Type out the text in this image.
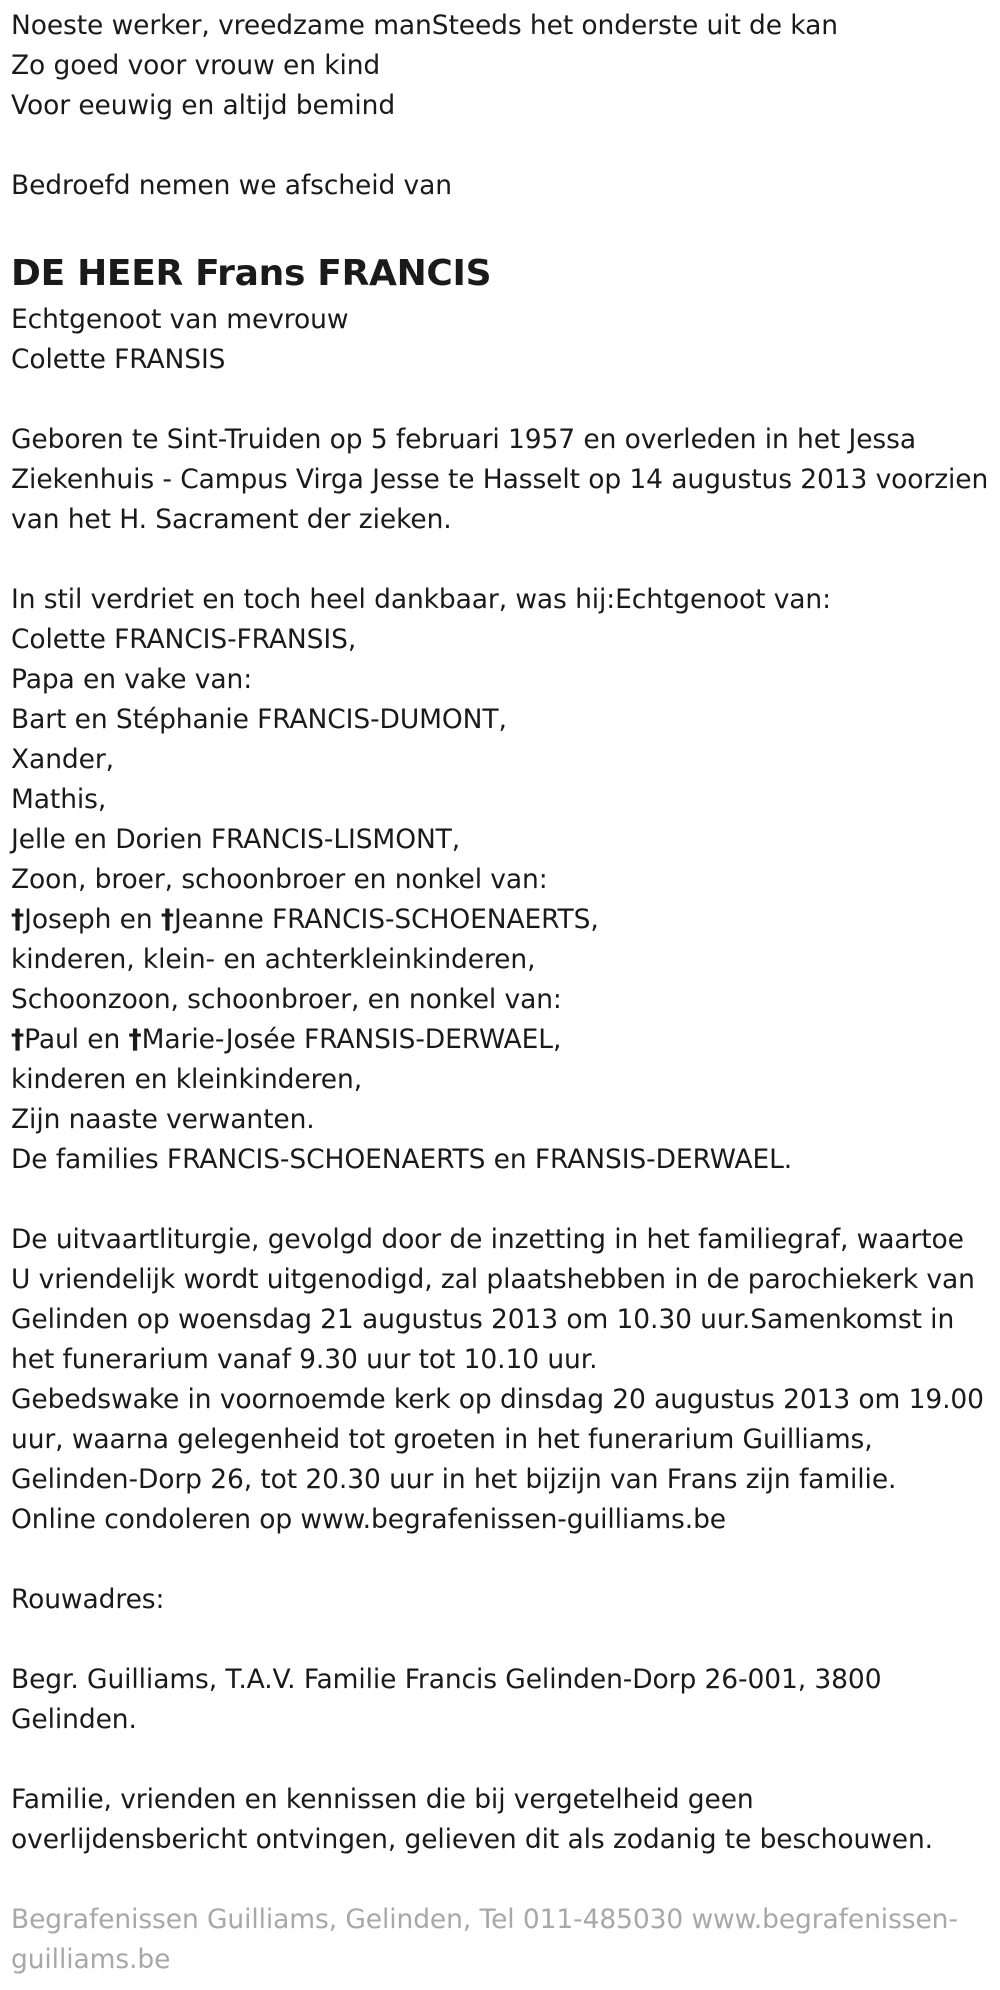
Noeste werker, vreedzame manSteeds het onderste uit de kan
Zo goed voor vrouw en kind
Voor eeuwig en altijd bemind
Bedroefd nemen we afscheid van
DE HEER Frans FRANCIS
Echtgenoot van mevrouw
Colette FRANSIS
Geboren te Sint-Truiden op 5 februari 1957 en overleden in het Jessa
Ziekenhuis - Campus Virga Jesse te Hasselt op 14 augustus 2013 voorzien
van het H. Sacrament der zieken.
In stil verdriet en toch heel dankbaar, was hij:Echtgenoot van:
Colette FRANCIS-FRANSIS,
Papa en vake van:
Bart en Stéphanie FRANCIS-DUMONT,
Xander,
Mathis,
Jelle en Dorien FRANCIS-LISMONT,
Zoon, broer, schoonbroer en nonkel van:
†Joseph en †Jeanne FRANCIS-SCHOENAERTS,
kinderen, klein- en achterkleinkinderen,
Schoonzoon, schoonbroer, en nonkel van:
†Paul en †Marie-Josée FRANSIS-DERWAEL,
kinderen en kleinkinderen,
Zijn naaste verwanten.
De families FRANCIS-SCHOENAERTS en FRANSIS-DERWAEL.
De uitvaartliturgie, gevolgd door de inzetting in het familiegraf, waartoe
U vriendelijk wordt uitgenodigd, zal plaatshebben in de parochiekerk van
Gelinden op woensdag 21 augustus 2013 om 10.30 uur.Samenkomst in
het funerarium vanaf 9.30 uur tot 10.10 uur.
Gebedswake in voornoemde kerk op dinsdag 20 augustus 2013 om 19.00
uur, waarna gelegenheid tot groeten in het funerarium Guilliams,
Gelinden-Dorp 26, tot 20.30 uur in het bijzijn van Frans zijn familie.
Online condoleren op www.begrafenissen-guilliams.be
Rouwadres:
Begr. Guilliams, T.A.V. Familie Francis Gelinden-Dorp 26-001, 3800
Gelinden.
Familie, vrienden en kennissen die bij vergetelheid geen
overlijdensbericht ontvingen, gelieven dit als zodanig te beschouwen.
Begrafenissen Guilliams, Gelinden, Tel 011-485030 www.begrafenissen-
guilliams.be
